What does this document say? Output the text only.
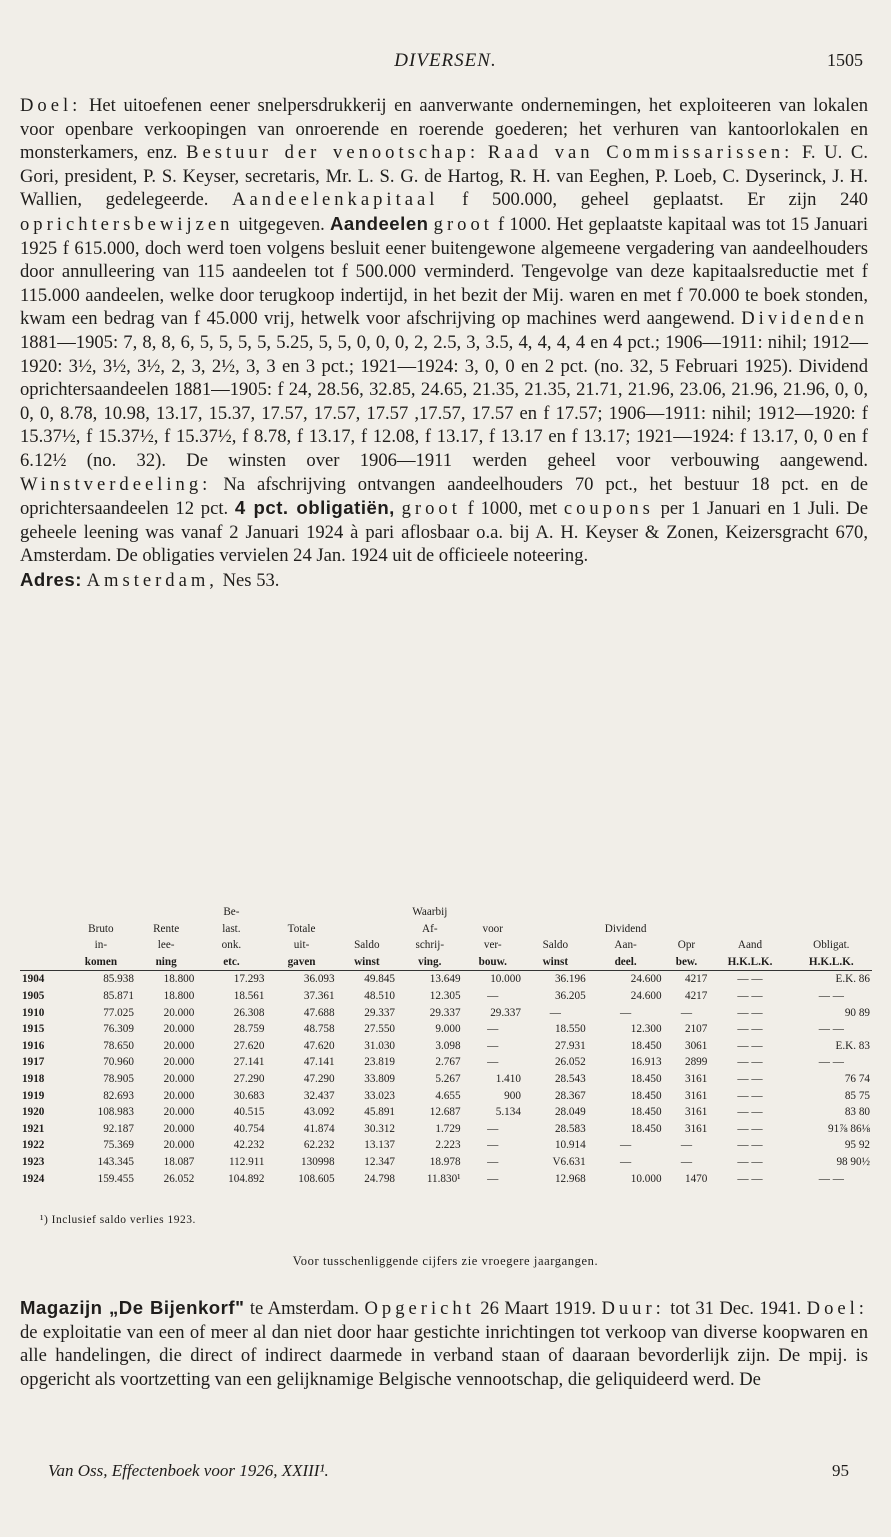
DIVERSEN.	1505

Doel: Het uitoefenen eener snelpersdrukkerij en aanverwante ondernemingen, het exploiteeren van lokalen voor openbare verkoopingen van onroerende en roerende goederen; het verhuren van kantoorlokalen en monsterkamers, enz. Bestuur der venootschap: Raad van Commissarissen: F. U. C. Gori, president, P. S. Keyser, secretaris, Mr. L. S. G. de Hartog, R. H. van Eeghen, P. Loeb, C. Dyserinck, J. H. Wallien, gedelegeerde. Aandeelenkapitaal f 500.000, geheel geplaatst. Er zijn 240 oprichtersbewijzen uitgegeven. Aandeelen groot f 1000. Het geplaatste kapitaal was tot 15 Januari 1925 f 615.000, doch werd toen volgens besluit eener buitengewone algemeene vergadering van aandeelhouders door annulleering van 115 aandeelen tot f 500.000 verminderd. Tengevolge van deze kapitaalsreductie met f 115.000 aandeelen, welke door terugkoop indertijd, in het bezit der Mij. waren en met f 70.000 te boek stonden, kwam een bedrag van f 45.000 vrij, hetwelk voor afschrijving op machines werd aangewend. Dividenden 1881—1905: 7, 8, 8, 6, 5, 5, 5, 5, 5.25, 5, 5, 0, 0, 0, 2, 2.5, 3, 3.5, 4, 4, 4, 4 en 4 pct.; 1906—1911: nihil; 1912—1920: 3½, 3½, 3½, 2, 3, 2½, 3, 3 en 3 pct.; 1921—1924: 3, 0, 0 en 2 pct. (no. 32, 5 Februari 1925). Dividend oprichtersaandeelen 1881—1905: f 24, 28.56, 32.85, 24.65, 21.35, 21.35, 21.71, 21.96, 23.06, 21.96, 21.96, 0, 0, 0, 0, 8.78, 10.98, 13.17, 15.37, 17.57, 17.57, 17.57 ,17.57, 17.57 en f 17.57; 1906—1911: nihil; 1912—1920: f 15.37½, f 15.37½, f 15.37½, f 8.78, f 13.17, f 12.08, f 13.17, f 13.17 en f 13.17; 1921—1924: f 13.17, 0, 0 en f 6.12½ (no. 32). De winsten over 1906—1911 werden geheel voor verbouwing aangewend. Winstverdeeling: Na afschrijving ontvangen aandeelhouders 70 pct., het bestuur 18 pct. en de oprichtersaandeelen 12 pct. 4 pct. obligatiën, groot f 1000, met coupons per 1 Januari en 1 Juli. De geheele leening was vanaf 2 Januari 1924 à pari aflosbaar o.a. bij A. H. Keyser & Zonen, Keizersgracht 670, Amsterdam. De obligaties vervielen 24 Jan. 1924 uit de officieele noteering.

Adres: Amsterdam, Nes 53.

			Be-			Waarbij						
	Bruto	Rente	last.	Totale		Af-	voor		Dividend			
	in-	lee-	onk.	uit-	Saldo	schrij-	ver-	Saldo	Aan-	Opr	Aand	Obligat.
	komen	ning	etc.	gaven	winst	ving.	bouw.	winst	deel.	bew.	H.K.L.K.	H.K.L.K.
1904	85.938	18.800	17.293	36.093	49.845	13.649	10.000	36.196	24.600	4217	— —	E.K. 86
1905	85.871	18.800	18.561	37.361	48.510	12.305	—	36.205	24.600	4217	— —	— —
1910	77.025	20.000	26.308	47.688	29.337	29.337	29.337	—	—	—	— —	90 89
1915	76.309	20.000	28.759	48.758	27.550	9.000	—	18.550	12.300	2107	— —	— —
1916	78.650	20.000	27.620	47.620	31.030	3.098	—	27.931	18.450	3061	— —	E.K. 83
1917	70.960	20.000	27.141	47.141	23.819	2.767	—	26.052	16.913	2899	— —	— —
1918	78.905	20.000	27.290	47.290	33.809	5.267	1.410	28.543	18.450	3161	— —	76 74
1919	82.693	20.000	30.683	32.437	33.023	4.655	900	28.367	18.450	3161	— —	85 75
1920	108.983	20.000	40.515	43.092	45.891	12.687	5.134	28.049	18.450	3161	— —	83 80
1921	92.187	20.000	40.754	41.874	30.312	1.729	—	28.583	18.450	3161	— —	91⅞ 86⅛
1922	75.369	20.000	42.232	62.232	13.137	2.223	—	10.914	—	—	— —	95 92
1923	143.345	18.087	112.911	130998	12.347	18.978	—	V6.631	—	—	— —	98 90½
1924	159.455	26.052	104.892	108.605	24.798	11.830¹	—	12.968	10.000	1470	— —	— —
¹) Inclusief saldo verlies 1923.
Voor tusschenliggende cijfers zie vroegere jaargangen.

Magazijn „De Bijenkorf" te Amsterdam. Opgericht 26 Maart 1919. Duur: tot 31 Dec. 1941. Doel: de exploitatie van een of meer al dan niet door haar gestichte inrichtingen tot verkoop van diverse koopwaren en alle handelingen, die direct of indirect daarmede in verband staan of daaraan bevorderlijk zijn. De mpij. is opgericht als voortzetting van een gelijknamige Belgische vennootschap, die geliquideerd werd. De

Van Oss, Effectenboek voor 1926, XXIII¹.	95
